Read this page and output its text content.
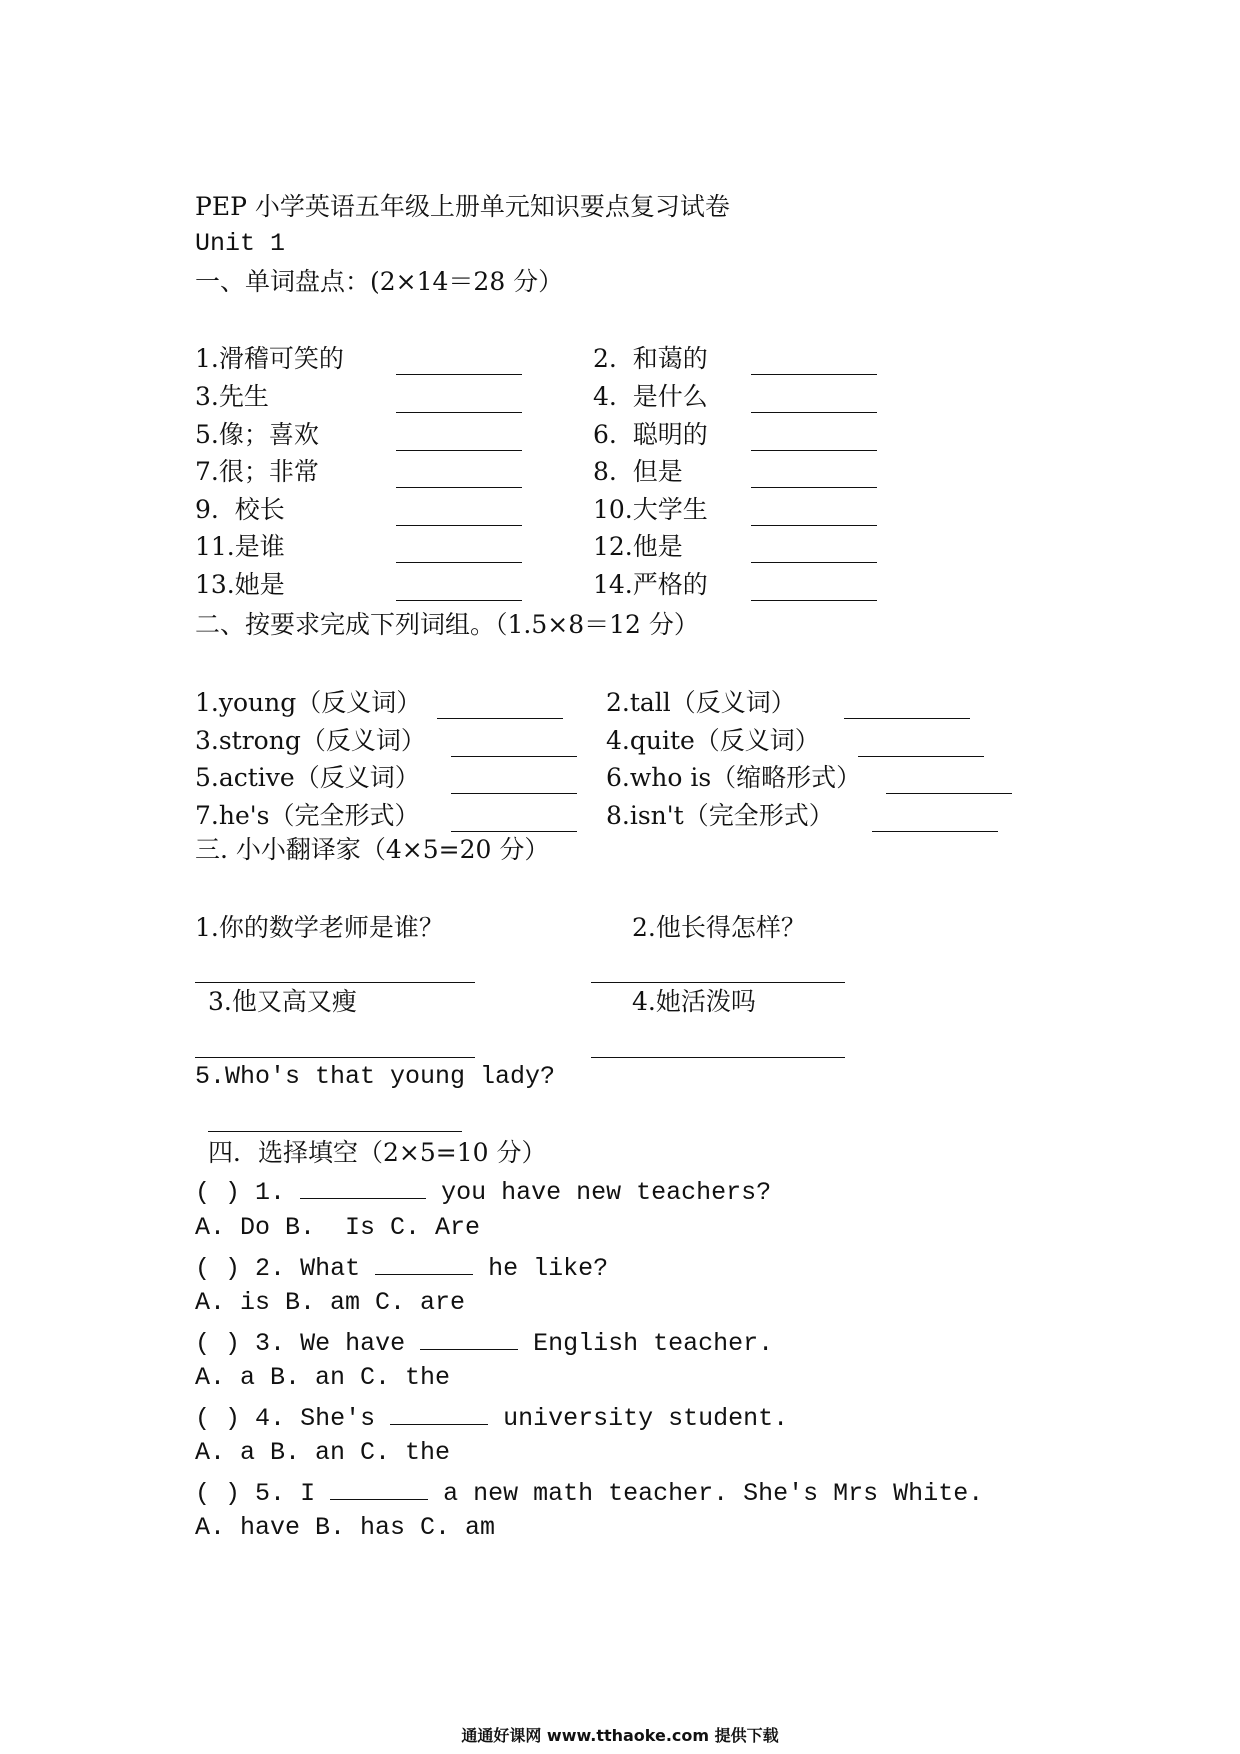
PEP 小学英语五年级上册单元知识要点复习试卷
Unit 1
一、单词盘点：(2×14＝28 分）
1.滑稽可笑的	2.  和蔼的
3.先生	4.  是什么
5.像；喜欢	6.  聪明的
7.很；非常	8.  但是
9.  校长	10.大学生
11.是谁	12.他是
13.她是	14.严格的
二、按要求完成下列词组。（1.5×8＝12 分）
1.young（反义词）	2.tall（反义词）
3.strong（反义词）	4.quite（反义词）
5.active（反义词）	6.who is（缩略形式）
7.he's（完全形式）	8.isn't（完全形式）
三. 小小翻译家（4×5=20 分）
1.你的数学老师是谁？	2.他长得怎样？
3.他又高又瘦	4.她活泼吗
5.Who's that young lady?
四．选择填空（2×5=10 分）
( ) 1.	you have new teachers?
A. Do B.  Is C. Are
( ) 2. What	he like?
A. is B. am C. are
( ) 3. We have	English teacher.
A. a B. an C. the
( ) 4. She's	university student.
A. a B. an C. the
( ) 5. I	a new math teacher. She's Mrs White.
A. have B. has C. am
通通好课网 www.tthaoke.com 提供下载
